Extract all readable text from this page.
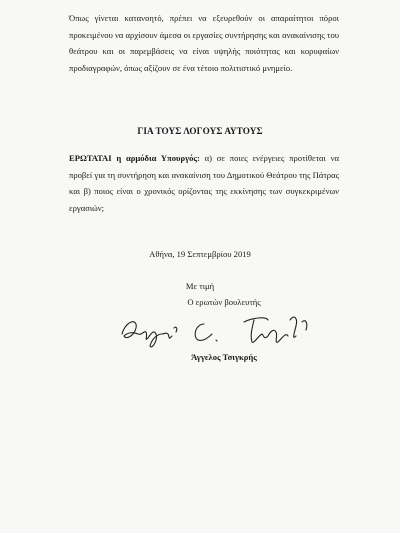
Όπως γίνεται κατανοητό, πρέπει να εξευρεθούν οι απαραίτητοι πόροι προκειμένου να αρχίσουν άμεσα οι εργασίες συντήρησης και ανακαίνισης του θεάτρου και οι παρεμβάσεις να είναι υψηλής ποιότητας και κορυφαίων προδιαγραφών, όπως αξίζουν σε ένα τέτοιο πολιτιστικό μνημείο.

ΓΙΑ ΤΟΥΣ ΛΟΓΟΥΣ ΑΥΤΟΥΣ

ΕΡΩΤΑΤΑΙ η αρμόδια Υπουργός: α) σε ποιες ενέργειες προτίθεται να προβεί για τη συντήρηση και ανακαίνιση του Δημοτικού Θεάτρου της Πάτρας και β) ποιος είναι ο χρονικός ορίζοντας της εκκίνησης των συγκεκριμένων εργασιών;

Αθήνα, 19 Σεπτεμβρίου 2019

Με τιμή
Ο ερωτών βουλευτής
Άγγελος Τσιγκρής
